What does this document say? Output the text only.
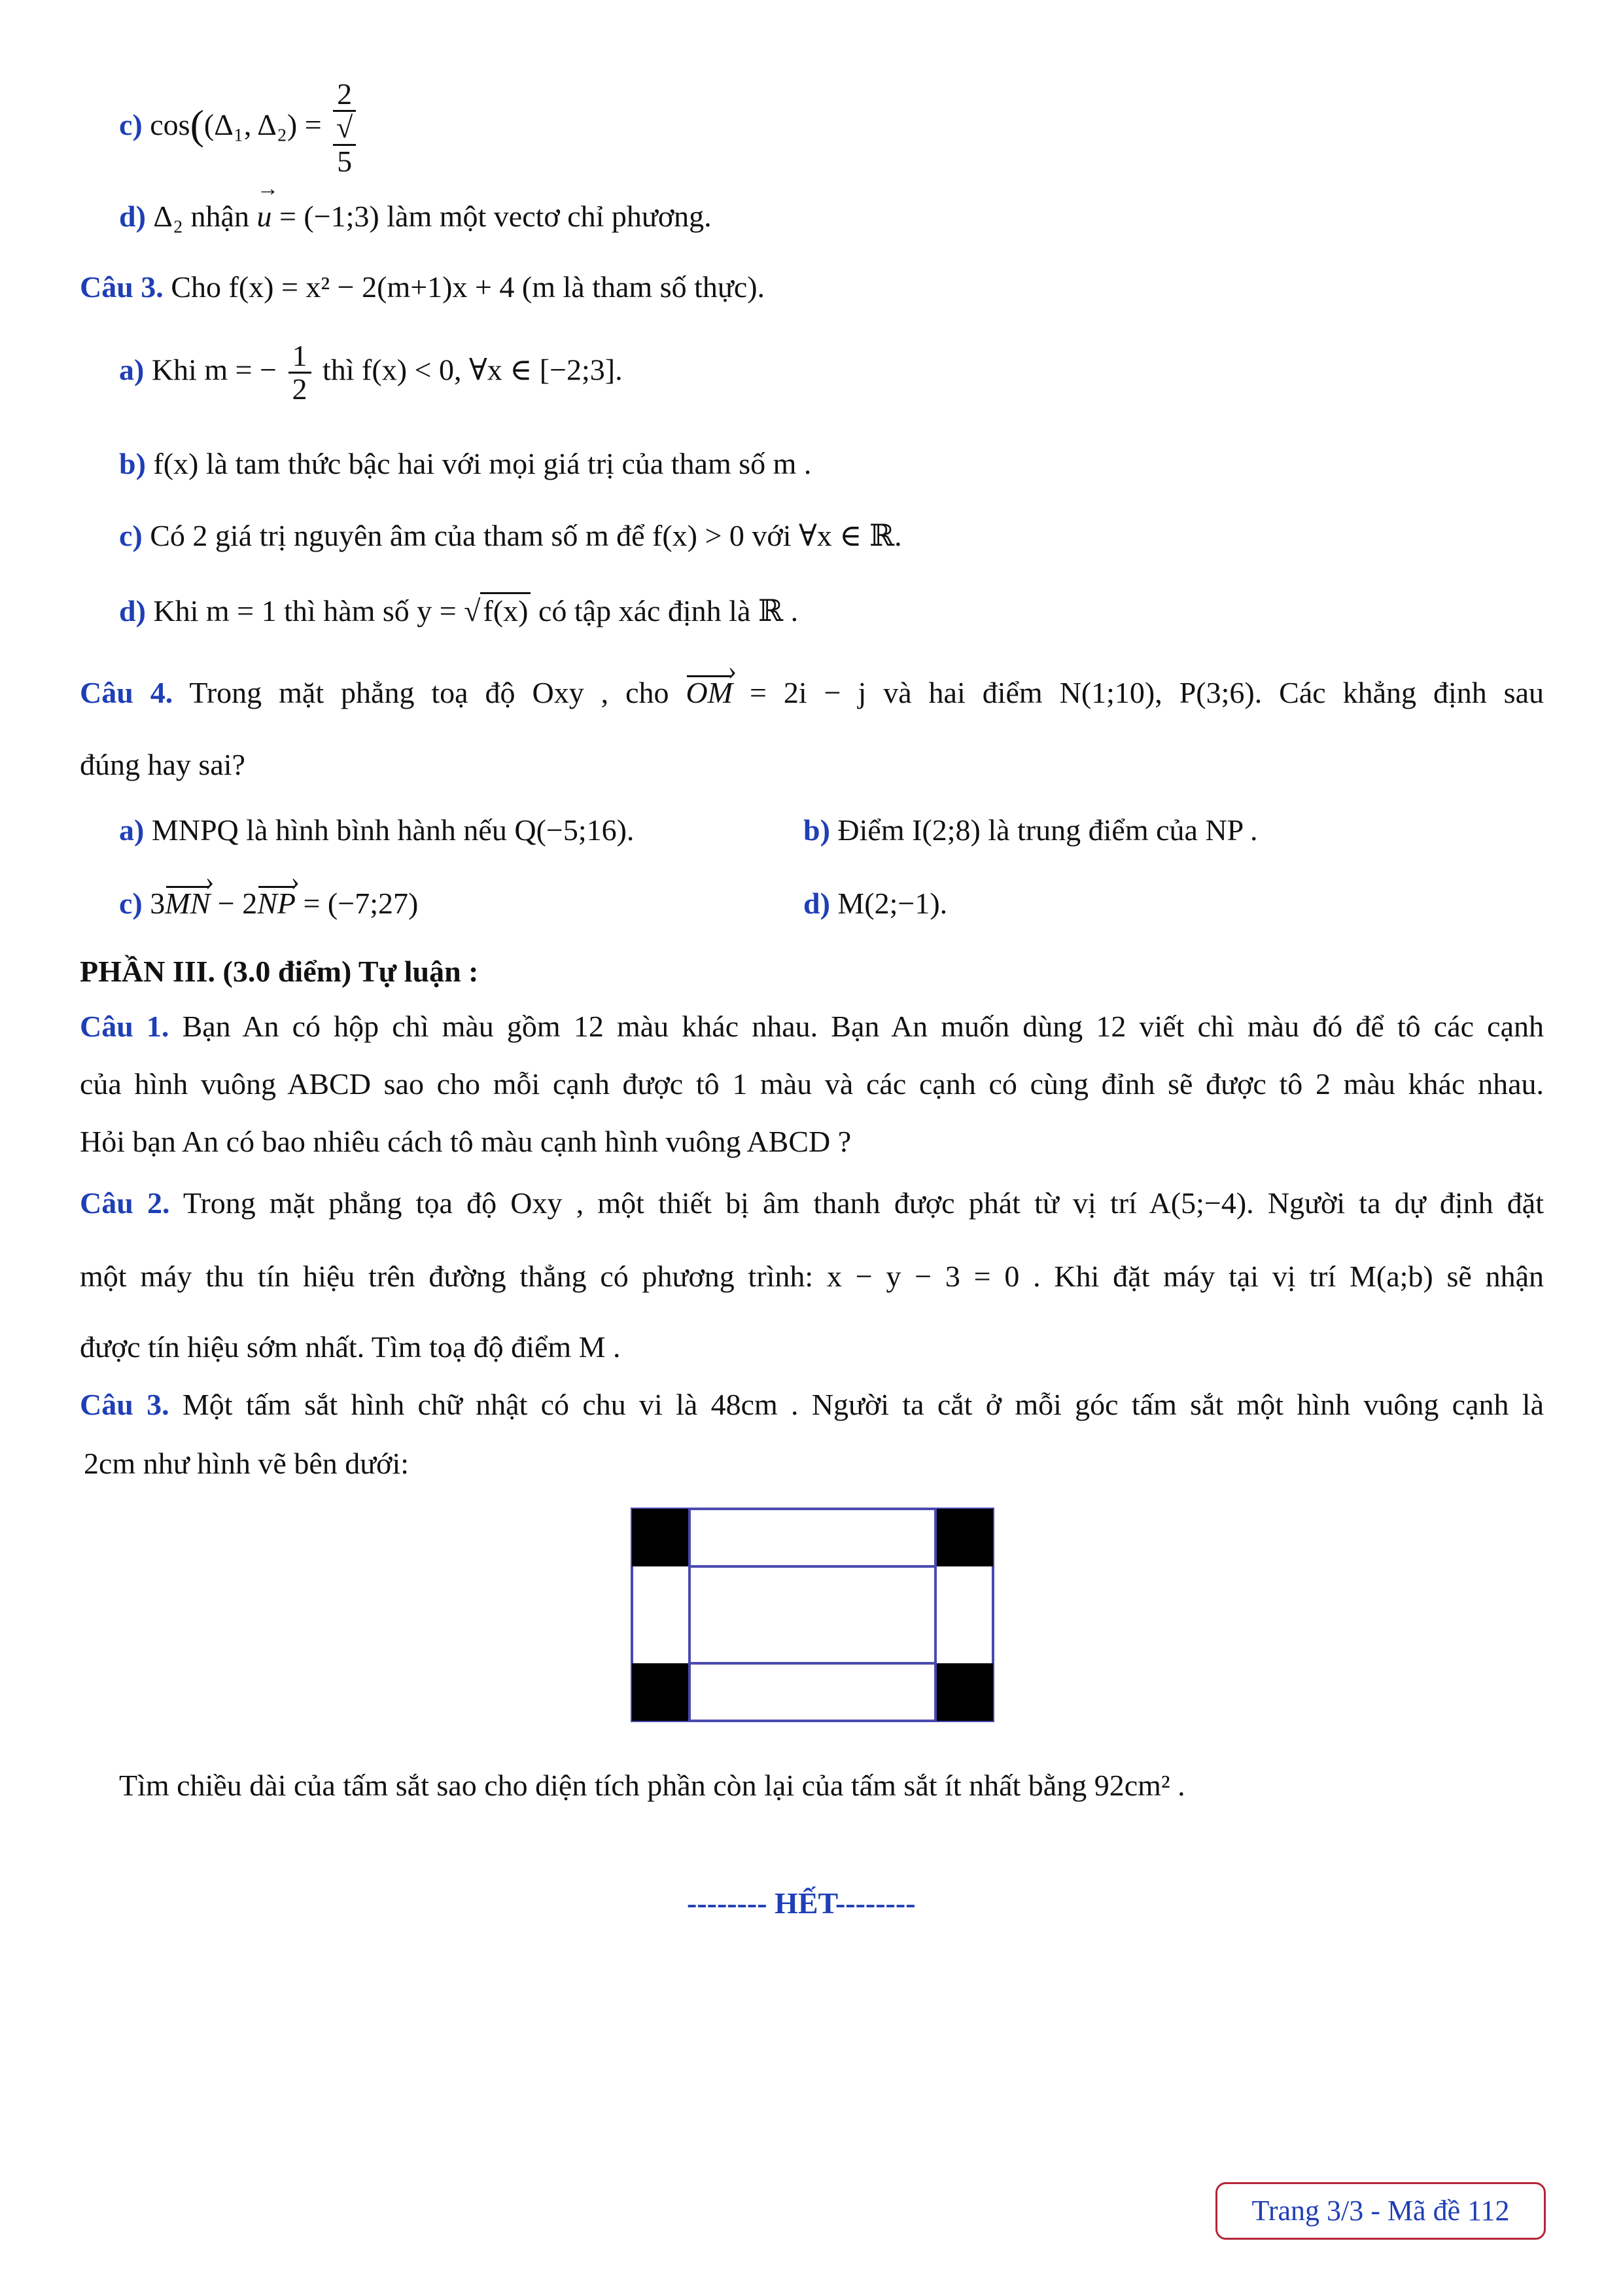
c) cos((Δ₁, Δ₂) = 2
√
5
d) Δ₂ nhận u → = (−1;3) làm một vectơ chỉ phương.
Câu 3. Cho f(x) = x² − 2(m+1)x + 4 (m là tham số thực).
a) Khi m = − $\frac{1}{2}$ thì f(x) < 0, ∀x ∈ [−2;3].
b) f(x) là tam thức bậc hai với mọi giá trị của tham số m .
c) Có 2 giá trị nguyên âm của tham số m để f(x) > 0 với ∀x ∈ ℝ.
d) Khi m = 1 thì hàm số y = √f(x) có tập xác định là ℝ .
Câu 4. Trong mặt phẳng toạ độ Oxy , cho OM › = 2i − j và hai điểm N(1;10), P(3;6). Các khẳng định sau
đúng hay sai?
a) MNPQ là hình bình hành nếu Q(−5;16).	b) Điểm I(2;8) là trung điểm của NP .
c) 3MN › − 2NP › = (−7;27)	d) M(2;−1).
PHẦN III. (3.0 điểm) Tự luận :
Câu 1. Bạn An có hộp chì màu gồm 12 màu khác nhau. Bạn An muốn dùng 12 viết chì màu đó để tô các cạnh
của hình vuông ABCD sao cho mỗi cạnh được tô 1 màu và các cạnh có cùng đỉnh sẽ được tô 2 màu khác nhau.
Hỏi bạn An có bao nhiêu cách tô màu cạnh hình vuông ABCD ?
Câu 2. Trong mặt phẳng tọa độ Oxy , một thiết bị âm thanh được phát từ vị trí A(5;−4). Người ta dự định đặt
một máy thu tín hiệu trên đường thẳng có phương trình: x − y − 3 = 0 . Khi đặt máy tại vị trí M(a;b) sẽ nhận
được tín hiệu sớm nhất. Tìm toạ độ điểm M .
Câu 3. Một tấm sắt hình chữ nhật có chu vi là 48cm . Người ta cắt ở mỗi góc tấm sắt một hình vuông cạnh là
2cm như hình vẽ bên dưới:
Tìm chiều dài của tấm sắt sao cho diện tích phần còn lại của tấm sắt ít nhất bằng 92cm² .
-------- HẾT--------
Trang 3/3 - Mã đề 112
